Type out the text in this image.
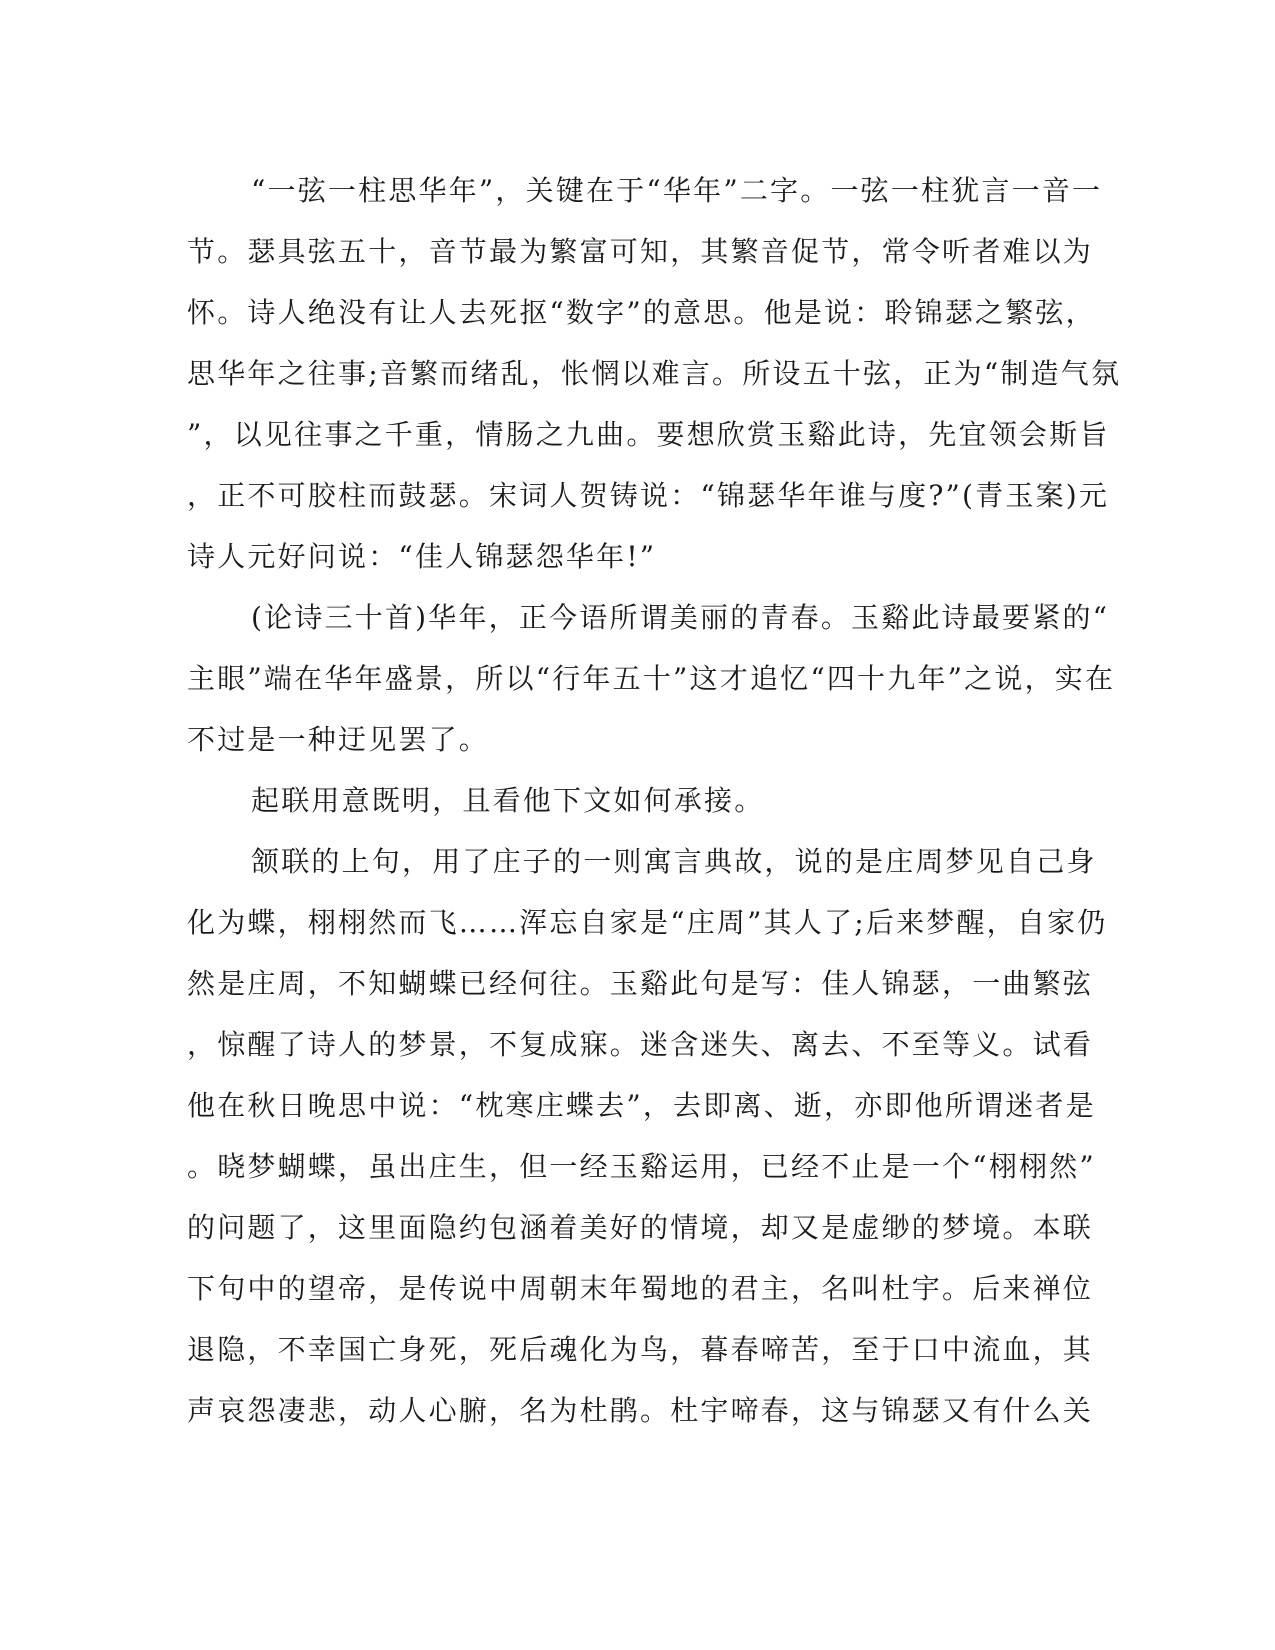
“一弦一柱思华年”，关键在于“华年”二字。一弦一柱犹言一音一
节。瑟具弦五十，音节最为繁富可知，其繁音促节，常令听者难以为
怀。诗人绝没有让人去死抠“数字”的意思。他是说：聆锦瑟之繁弦，
思华年之往事;音繁而绪乱，怅惘以难言。所设五十弦，正为“制造气氛
”，以见往事之千重，情肠之九曲。要想欣赏玉谿此诗，先宜领会斯旨
，正不可胶柱而鼓瑟。宋词人贺铸说：“锦瑟华年谁与度?”(青玉案)元
诗人元好问说：“佳人锦瑟怨华年!”
(论诗三十首)华年，正今语所谓美丽的青春。玉谿此诗最要紧的“
主眼”端在华年盛景，所以“行年五十”这才追忆“四十九年”之说，实在
不过是一种迂见罢了。
起联用意既明，且看他下文如何承接。
颔联的上句，用了庄子的一则寓言典故，说的是庄周梦见自己身
化为蝶，栩栩然而飞……浑忘自家是“庄周”其人了;后来梦醒，自家仍
然是庄周，不知蝴蝶已经何往。玉谿此句是写：佳人锦瑟，一曲繁弦
，惊醒了诗人的梦景，不复成寐。迷含迷失、离去、不至等义。试看
他在秋日晚思中说：“枕寒庄蝶去”，去即离、逝，亦即他所谓迷者是
。晓梦蝴蝶，虽出庄生，但一经玉谿运用，已经不止是一个“栩栩然”
的问题了，这里面隐约包涵着美好的情境，却又是虚缈的梦境。本联
下句中的望帝，是传说中周朝末年蜀地的君主，名叫杜宇。后来禅位
退隐，不幸国亡身死，死后魂化为鸟，暮春啼苦，至于口中流血，其
声哀怨凄悲，动人心腑，名为杜鹃。杜宇啼春，这与锦瑟又有什么关
